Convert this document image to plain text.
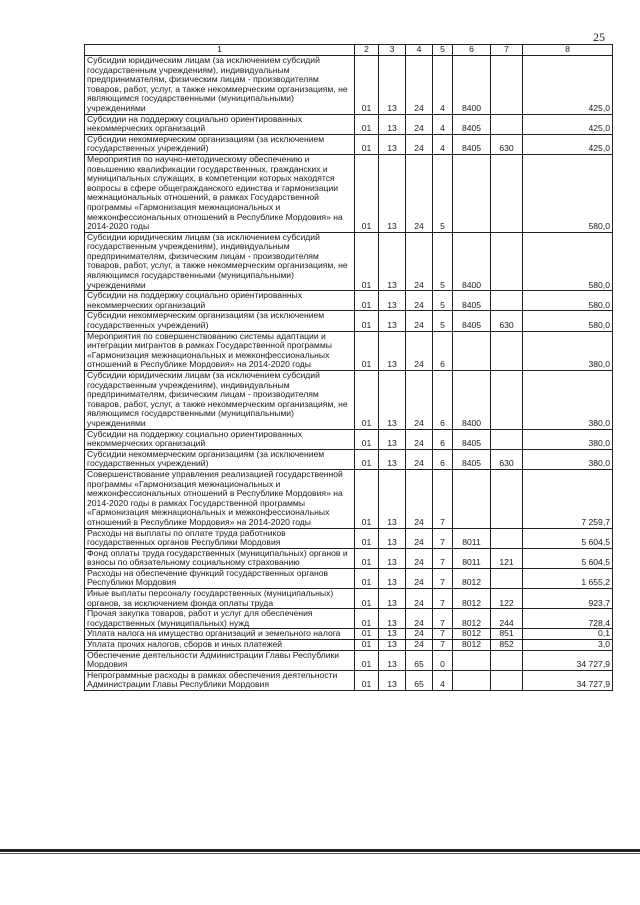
25
1	2	3	4	5	6	7	8
Субсидии юридическим лицам (за исключением субсидий государственным учреждениям), индивидуальным предпринимателям, физическим лицам - производителям товаров, работ, услуг, а также некоммерческим организациям, не являющимся государственными (муниципальными) учреждениями	01	13	24	4	8400		425,0
Субсидии на поддержку социально ориентированных некоммерческих организаций	01	13	24	4	8405		425,0
Субсидии некоммерческим организациям (за исключением государственных учреждений)	01	13	24	4	8405	630	425,0
Мероприятия по научно-методическому обеспечению и повышению квалификации государственных, гражданских и муниципальных служащих, в компетенции которых находятся вопросы в сфере общегражданского единства и гармонизации межнациональных отношений, в рамках Государственной программы «Гармонизация межнациональных и межконфессиональных отношений в Республике Мордовия» на 2014-2020 годы	01	13	24	5			580,0
Субсидии юридическим лицам (за исключением субсидий государственным учреждениям), индивидуальным предпринимателям, физическим лицам - производителям товаров, работ, услуг, а также некоммерческим организациям, не являющимся государственными (муниципальными) учреждениями	01	13	24	5	8400		580,0
Субсидии на поддержку социально ориентированных некоммерческих организаций	01	13	24	5	8405		580,0
Субсидии некоммерческим организациям (за исключением государственных учреждений)	01	13	24	5	8405	630	580,0
Мероприятия по совершенствованию системы адаптации и интеграции мигрантов в рамках Государственной программы «Гармонизация межнациональных и межконфессиональных отношений в Республике Мордовия» на 2014-2020 годы	01	13	24	6			380,0
Субсидии юридическим лицам (за исключением субсидий государственным учреждениям), индивидуальным предпринимателям, физическим лицам - производителям товаров, работ, услуг, а также некоммерческим организациям, не являющимся государственными (муниципальными) учреждениями	01	13	24	6	8400		380,0
Субсидии на поддержку социально ориентированных некоммерческих организаций	01	13	24	6	8405		380,0
Субсидии некоммерческим организациям (за исключением государственных учреждений)	01	13	24	6	8405	630	380,0
Совершенствование управления реализацией государственной программы «Гармонизация межнациональных и межконфессиональных отношений в Республике Мордовия» на 2014-2020 годы в рамках Государственной программы «Гармонизация межнациональных и межконфессиональных отношений в Республике Мордовия» на 2014-2020 годы	01	13	24	7			7 259,7
Расходы на выплаты по оплате труда работников государственных органов Республики Мордовия	01	13	24	7	8011		5 604,5
Фонд оплаты труда государственных (муниципальных) органов и взносы по обязательному социальному страхованию	01	13	24	7	8011	121	5 604,5
Расходы на обеспечение функций государственных органов Республики Мордовия	01	13	24	7	8012		1 655,2
Иные выплаты персоналу государственных (муниципальных) органов, за исключением фонда оплаты труда	01	13	24	7	8012	122	923,7
Прочая закупка товаров, работ и услуг для обеспечения государственных (муниципальных) нужд	01	13	24	7	8012	244	728,4
Уплата налога на имущество организаций и земельного налога	01	13	24	7	8012	851	0,1
Уплата прочих налогов, сборов и иных платежей	01	13	24	7	8012	852	3,0
Обеспечение деятельности Администрации Главы Республики Мордовия	01	13	65	0			34 727,9
Непрограммные расходы в рамках обеспечения деятельности Администрации Главы Республики Мордовия	01	13	65	4			34 727,9
